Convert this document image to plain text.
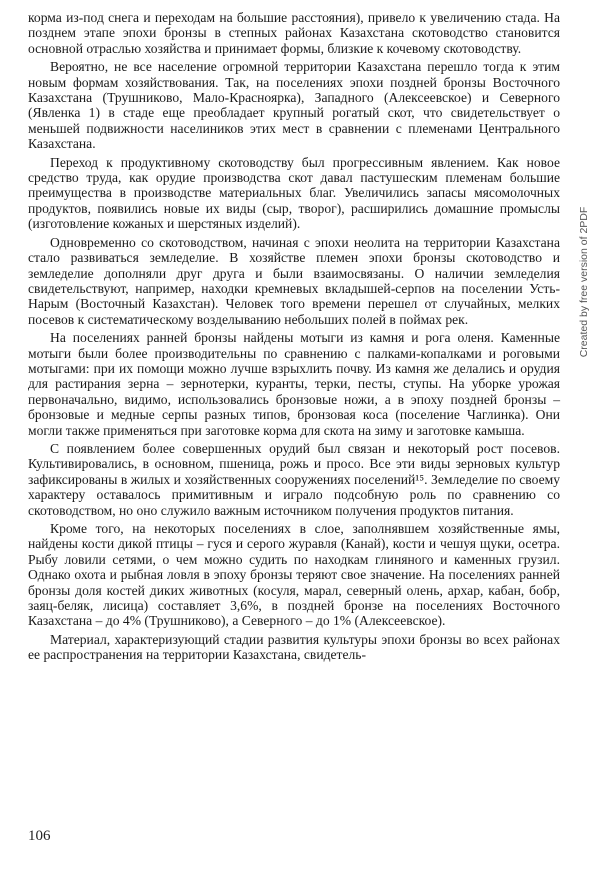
корма из-под снега и переходам на большие расстояния), привело к увеличению стада. На позднем этапе эпохи бронзы в степных районах Казахстана скотоводство становится основной отраслью хозяйства и принимает формы, близкие к кочевому скотоводству.

Вероятно, не все население огромной территории Казахстана перешло тогда к этим новым формам хозяйствования. Так, на поселениях эпохи поздней бронзы Восточного Казахстана (Трушниково, Мало-Красноярка), Западного (Алексеевское) и Северного (Явленка 1) в стаде еще преобладает крупный рогатый скот, что свидетельствует о меньшей подвижности населиников этих мест в сравнении с племенами Центрального Казахстана.

Переход к продуктивному скотоводству был прогрессивным явлением. Как новое средство труда, как орудие производства скот давал пастушеским племенам большие преимущества в производстве материальных благ. Увеличились запасы мясомолочных продуктов, появились новые их виды (сыр, творог), расширились домашние промыслы (изготовление кожаных и шерстяных изделий).

Одновременно со скотоводством, начиная с эпохи неолита на территории Казахстана стало развиваться земледелие. В хозяйстве племен эпохи бронзы скотоводство и земледелие дополняли друг друга и были взаимосвязаны. О наличии земледелия свидетельствуют, например, находки кремневых вкладышей-серпов на поселении Усть-Нарым (Восточный Казахстан). Человек того времени перешел от случайных, мелких посевов к систематическому возделыванию небольших полей в поймах рек.

На поселениях ранней бронзы найдены мотыги из камня и рога оленя. Каменные мотыги были более производительны по сравнению с палками-копалками и роговыми мотыгами: при их помощи можно лучше взрыхлить почву. Из камня же делались и орудия для растирания зерна – зернотерки, куранты, терки, песты, ступы. На уборке урожая первоначально, видимо, использовались бронзовые ножи, а в эпоху поздней бронзы – бронзовые и медные серпы разных типов, бронзовая коса (поселение Чаглинка). Они могли также применяться при заготовке корма для скота на зиму и заготовке камыша.

С появлением более совершенных орудий был связан и некоторый рост посевов. Культивировались, в основном, пшеница, рожь и просо. Все эти виды зерновых культур зафиксированы в жилых и хозяйственных сооружениях поселений¹⁵. Земледелие по своему характеру оставалось примитивным и играло подсобную роль по сравнению со скотоводством, но оно служило важным источником получения продуктов питания.

Кроме того, на некоторых поселениях в слое, заполнявшем хозяйственные ямы, найдены кости дикой птицы – гуся и серого журавля (Канай), кости и чешуя щуки, осетра. Рыбу ловили сетями, о чем можно судить по находкам глиняного и каменных грузил. Однако охота и рыбная ловля в эпоху бронзы теряют свое значение. На поселениях ранней бронзы доля костей диких животных (косуля, марал, северный олень, архар, кабан, бобр, заяц-беляк, лисица) составляет 3,6%, в поздней бронзе на поселениях Восточного Казахстана – до 4% (Трушниково), а Северного – до 1% (Алексеевское).

Материал, характеризующий стадии развития культуры эпохи бронзы во всех районах ее распространения на территории Казахстана, свидетель-

106
Created by free version of 2PDF
